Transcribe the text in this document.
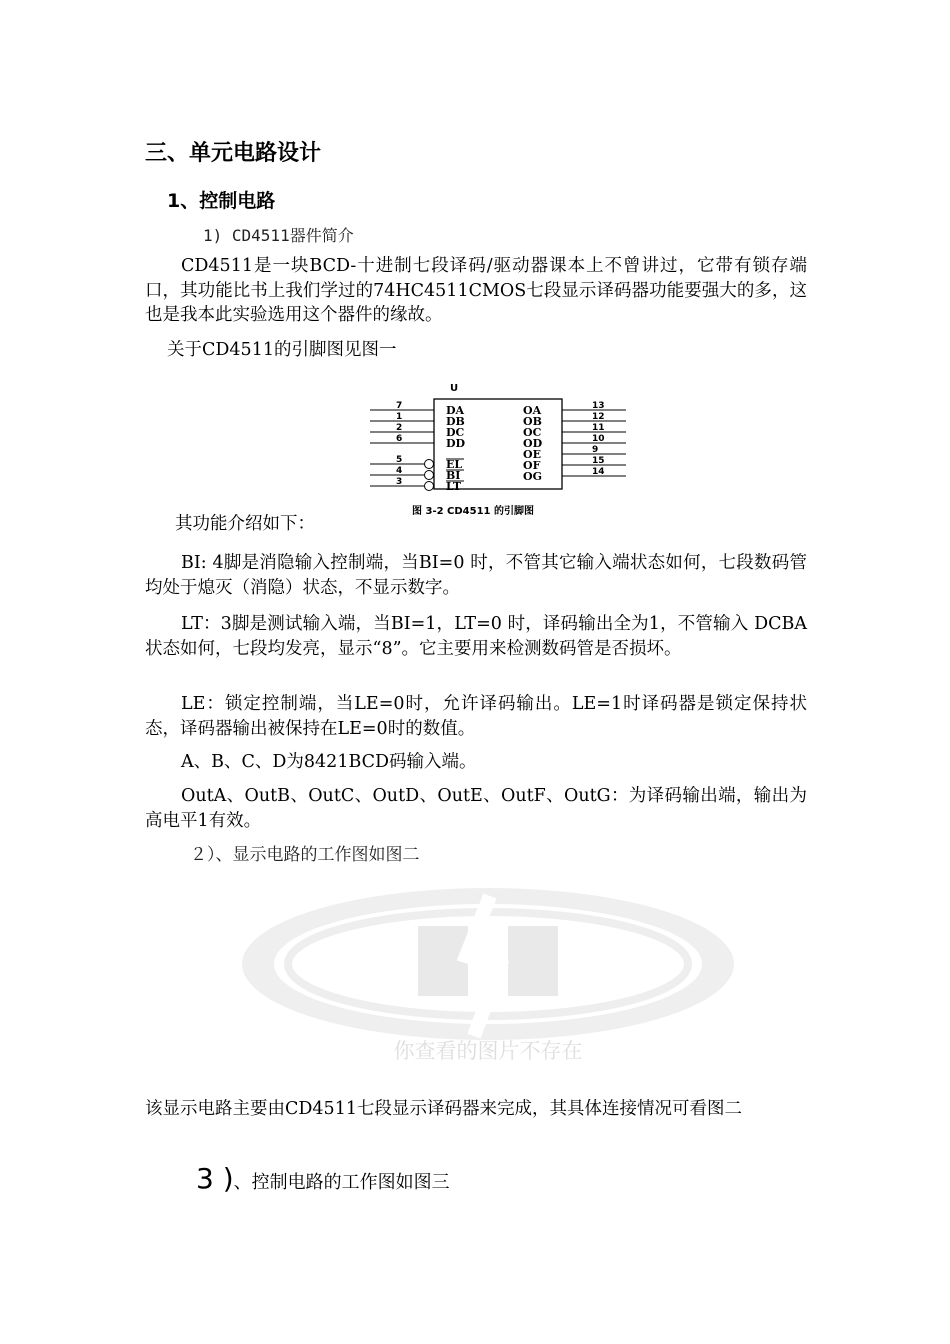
三、单元电路设计
1、控制电路
1) CD4511器件简介
CD4511是一块BCD-十进制七段译码/驱动器课本上不曾讲过，它带有锁存端口，其功能比书上我们学过的74HC4511CMOS七段显示译码器功能要强大的多，这也是我本此实验选用这个器件的缘故。
关于CD4511的引脚图见图一
U
7	DA
1	DB
2	DC
6	DD
5	EL
4	BI
3	LT
OA	13
OB	12
OC	11
OD	10
OE	9
OF	15
OG	14
图 3-2 CD4511 的引脚图
其功能介绍如下：
BI: 4脚是消隐输入控制端，当BI=0 时，不管其它输入端状态如何，七段数码管均处于熄灭（消隐）状态，不显示数字。
LT：3脚是测试输入端，当BI=1，LT=0 时，译码输出全为1，不管输入 DCBA 状态如何，七段均发亮，显示“8”。它主要用来检测数码管是否损坏。
LE：锁定控制端，当LE=0时，允许译码输出。LE=1时译码器是锁定保持状态，译码器输出被保持在LE=0时的数值。
A、B、C、D为8421BCD码输入端。
OutA、OutB、OutC、OutD、OutE、OutF、OutG：为译码输出端，输出为高电平1有效。
２）、显示电路的工作图如图二
你查看的图片不存在
该显示电路主要由CD4511七段显示译码器来完成，其具体连接情况可看图二
3 )、控制电路的工作图如图三
